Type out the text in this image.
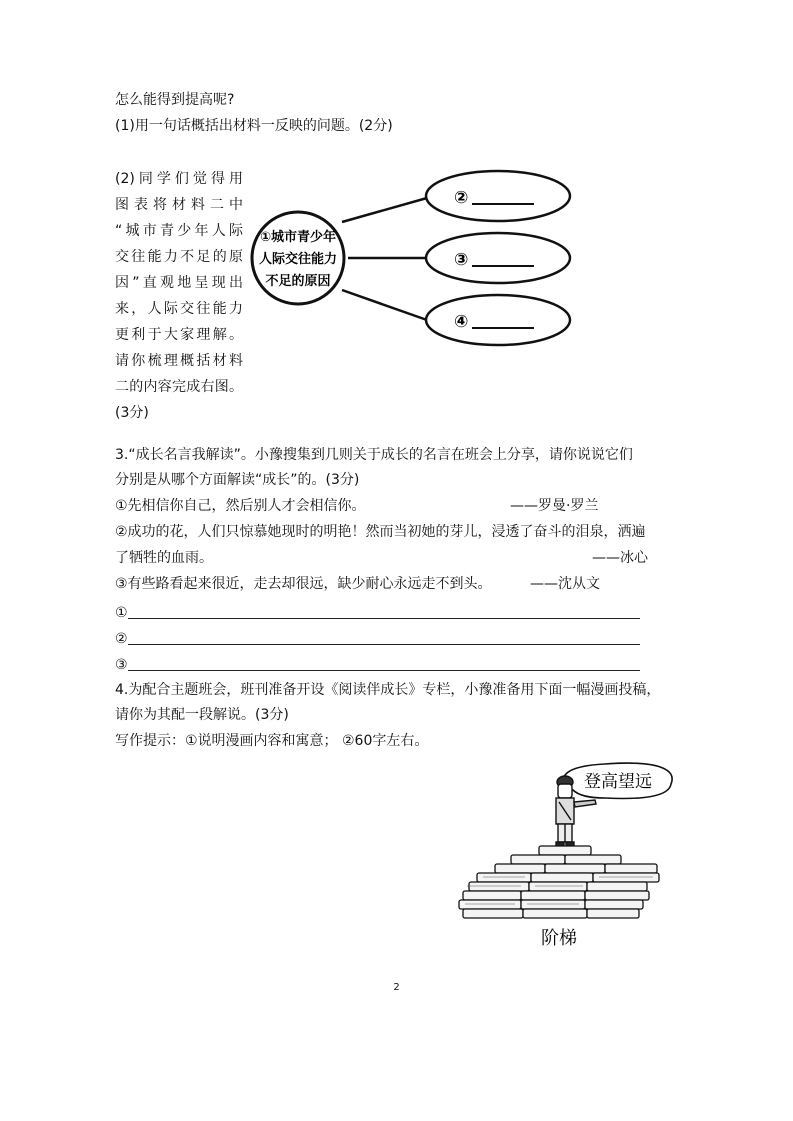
怎么能得到提高呢?
(1)用一句话概括出材料一反映的问题。(2分)
(2)同学们觉得用
图表将材料二中
“城市青少年人际
交往能力不足的原
因”直观地呈现出
来，人际交往能力
更利于大家理解。
请你梳理概括材料
二的内容完成右图。
(3分)
①城市青少年
人际交往能力
不足的原因
②
③
④
3.“成长名言我解读”。小豫搜集到几则关于成长的名言在班会上分享，请你说说它们
分别是从哪个方面解读“成长”的。(3分)
①先相信你自己，然后别人才会相信你。	——罗曼·罗兰
②成功的花，人们只惊慕她现时的明艳！然而当初她的芽儿，浸透了奋斗的泪泉，洒遍
了牺牲的血雨。	——冰心
③有些路看起来很近，走去却很远，缺少耐心永远走不到头。	——沈从文
①
②
③
4.为配合主题班会，班刊准备开设《阅读伴成长》专栏，小豫准备用下面一幅漫画投稿，
请你为其配一段解说。(3分)
写作提示：①说明漫画内容和寓意； ②60字左右。
登高望远
阶梯
2
